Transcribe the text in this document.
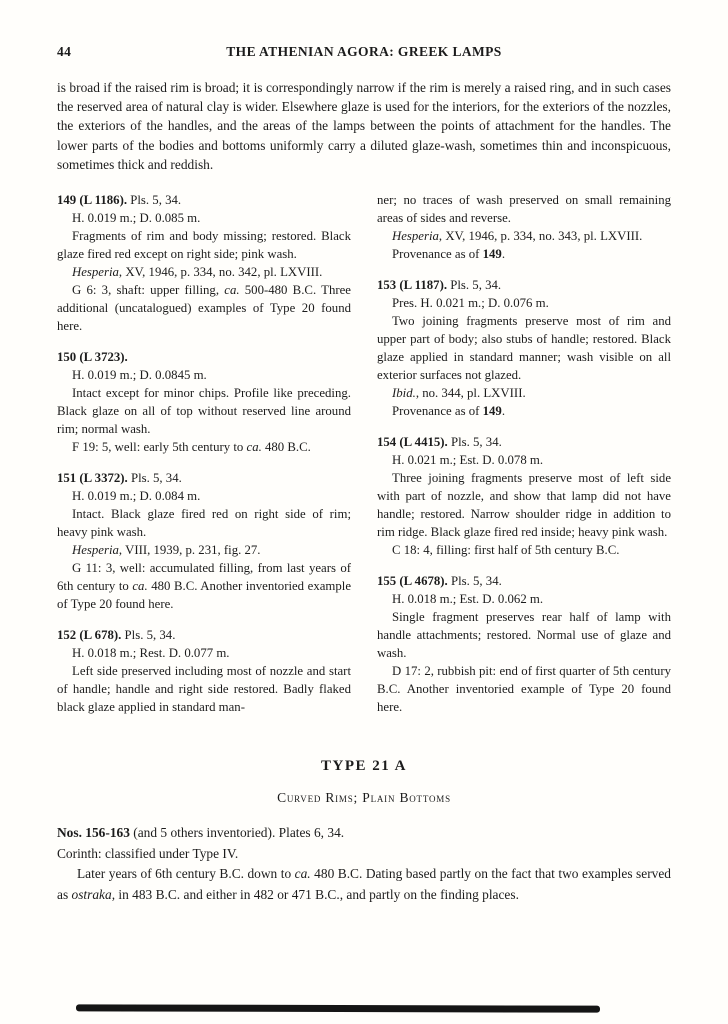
44	THE ATHENIAN AGORA: GREEK LAMPS

is broad if the raised rim is broad; it is correspondingly narrow if the rim is merely a raised ring, and in such cases the reserved area of natural clay is wider. Elsewhere glaze is used for the interiors, for the exteriors of the nozzles, the exteriors of the handles, and the areas of the lamps between the points of attachment for the handles. The lower parts of the bodies and bottoms uniformly carry a diluted glaze-wash, sometimes thin and inconspicuous, sometimes thick and reddish.

149 (L 1186). Pls. 5, 34.

H. 0.019 m.; D. 0.085 m.

Fragments of rim and body missing; restored. Black glaze fired red except on right side; pink wash.

Hesperia, XV, 1946, p. 334, no. 342, pl. LXVIII.

G 6: 3, shaft: upper filling, ca. 500-480 B.C. Three additional (uncatalogued) examples of Type 20 found here.

150 (L 3723).

H. 0.019 m.; D. 0.0845 m.

Intact except for minor chips. Profile like preceding. Black glaze on all of top without reserved line around rim; normal wash.

F 19: 5, well: early 5th century to ca. 480 B.C.

151 (L 3372). Pls. 5, 34.

H. 0.019 m.; D. 0.084 m.

Intact. Black glaze fired red on right side of rim; heavy pink wash.

Hesperia, VIII, 1939, p. 231, fig. 27.

G 11: 3, well: accumulated filling, from last years of 6th century to ca. 480 B.C. Another inventoried example of Type 20 found here.

152 (L 678). Pls. 5, 34.

H. 0.018 m.; Rest. D. 0.077 m.

Left side preserved including most of nozzle and start of handle; handle and right side restored. Badly flaked black glaze applied in standard man-

ner; no traces of wash preserved on small remaining areas of sides and reverse.

Hesperia, XV, 1946, p. 334, no. 343, pl. LXVIII.

Provenance as of 149.

153 (L 1187). Pls. 5, 34.

Pres. H. 0.021 m.; D. 0.076 m.

Two joining fragments preserve most of rim and upper part of body; also stubs of handle; restored. Black glaze applied in standard manner; wash visible on all exterior surfaces not glazed.

Ibid., no. 344, pl. LXVIII.

Provenance as of 149.

154 (L 4415). Pls. 5, 34.

H. 0.021 m.; Est. D. 0.078 m.

Three joining fragments preserve most of left side with part of nozzle, and show that lamp did not have handle; restored. Narrow shoulder ridge in addition to rim ridge. Black glaze fired red inside; heavy pink wash.

C 18: 4, filling: first half of 5th century B.C.

155 (L 4678). Pls. 5, 34.

H. 0.018 m.; Est. D. 0.062 m.

Single fragment preserves rear half of lamp with handle attachments; restored. Normal use of glaze and wash.

D 17: 2, rubbish pit: end of first quarter of 5th century B.C. Another inventoried example of Type 20 found here.

TYPE 21 A
Curved Rims; Plain Bottoms

Nos. 156-163 (and 5 others inventoried). Plates 6, 34.

Corinth: classified under Type IV.

Later years of 6th century B.C. down to ca. 480 B.C. Dating based partly on the fact that two examples served as ostraka, in 483 B.C. and either in 482 or 471 B.C., and partly on the finding places.
